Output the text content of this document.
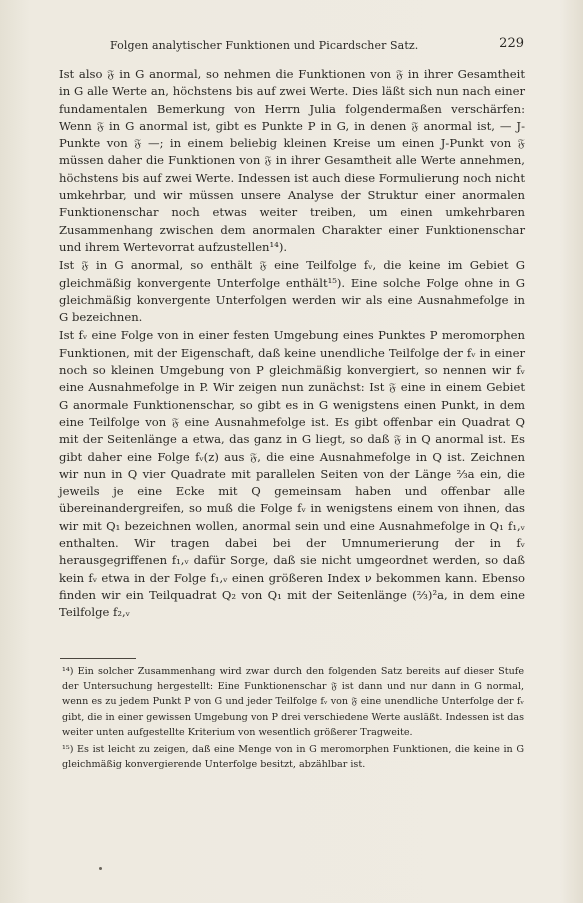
Folgen analytischer Funktionen und Picardscher Satz.	229

Ist also 𝔉 in G anormal, so nehmen die Funktionen von 𝔉 in ihrer Gesamtheit in G alle Werte an, höchstens bis auf zwei Werte. Dies läßt sich nun nach einer fundamentalen Bemerkung von Herrn Julia folgendermaßen verschärfen: Wenn 𝔉 in G anormal ist, gibt es Punkte P in G, in denen 𝔉 anormal ist, — J-Punkte von 𝔉 —; in einem beliebig kleinen Kreise um einen J-Punkt von 𝔉 müssen daher die Funktionen von 𝔉 in ihrer Gesamtheit alle Werte annehmen, höchstens bis auf zwei Werte. Indessen ist auch diese Formulierung noch nicht umkehrbar, und wir müssen unsere Analyse der Struktur einer anormalen Funktionenschar noch etwas weiter treiben, um einen umkehrbaren Zusammenhang zwischen dem anormalen Charakter einer Funktionenschar und ihrem Wertevorrat aufzustellen¹⁴).

Ist 𝔉 in G anormal, so enthält 𝔉 eine Teilfolge fᵥ, die keine im Gebiet G gleichmäßig konvergente Unterfolge enthält¹⁵). Eine solche Folge ohne in G gleichmäßig konvergente Unterfolgen werden wir als eine Ausnahmefolge in G bezeichnen.

Ist fᵥ eine Folge von in einer festen Umgebung eines Punktes P meromorphen Funktionen, mit der Eigenschaft, daß keine unendliche Teilfolge der fᵥ in einer noch so kleinen Umgebung von P gleichmäßig konvergiert, so nennen wir fᵥ eine Ausnahmefolge in P. Wir zeigen nun zunächst: Ist 𝔉 eine in einem Gebiet G anormale Funktionenschar, so gibt es in G wenigstens einen Punkt, in dem eine Teilfolge von 𝔉 eine Ausnahmefolge ist. Es gibt offenbar ein Quadrat Q mit der Seitenlänge a etwa, das ganz in G liegt, so daß 𝔉 in Q anormal ist. Es gibt daher eine Folge fᵥ(z) aus 𝔉, die eine Ausnahmefolge in Q ist. Zeichnen wir nun in Q vier Quadrate mit parallelen Seiten von der Länge ⅔a ein, die jeweils je eine Ecke mit Q gemeinsam haben und offenbar alle übereinandergreifen, so muß die Folge fᵥ in wenigstens einem von ihnen, das wir mit Q₁ bezeichnen wollen, anormal sein und eine Ausnahmefolge in Q₁ f₁,ᵥ enthalten. Wir tragen dabei bei der Umnumerierung der in fᵥ herausgegriffenen f₁,ᵥ dafür Sorge, daß sie nicht umgeordnet werden, so daß kein fᵥ etwa in der Folge f₁,ᵥ einen größeren Index ν bekommen kann. Ebenso finden wir ein Teilquadrat Q₂ von Q₁ mit der Seitenlänge (⅔)²a, in dem eine Teilfolge f₂,ᵥ

¹⁴) Ein solcher Zusammenhang wird zwar durch den folgenden Satz bereits auf dieser Stufe der Untersuchung hergestellt: Eine Funktionenschar 𝔉 ist dann und nur dann in G normal, wenn es zu jedem Punkt P von G und jeder Teilfolge fᵥ von 𝔉 eine unendliche Unterfolge der fᵥ gibt, die in einer gewissen Umgebung von P drei verschiedene Werte ausläßt. Indessen ist das weiter unten aufgestellte Kriterium von wesentlich größerer Tragweite.

¹⁵) Es ist leicht zu zeigen, daß eine Menge von in G meromorphen Funktionen, die keine in G gleichmäßig konvergierende Unterfolge besitzt, abzählbar ist.
